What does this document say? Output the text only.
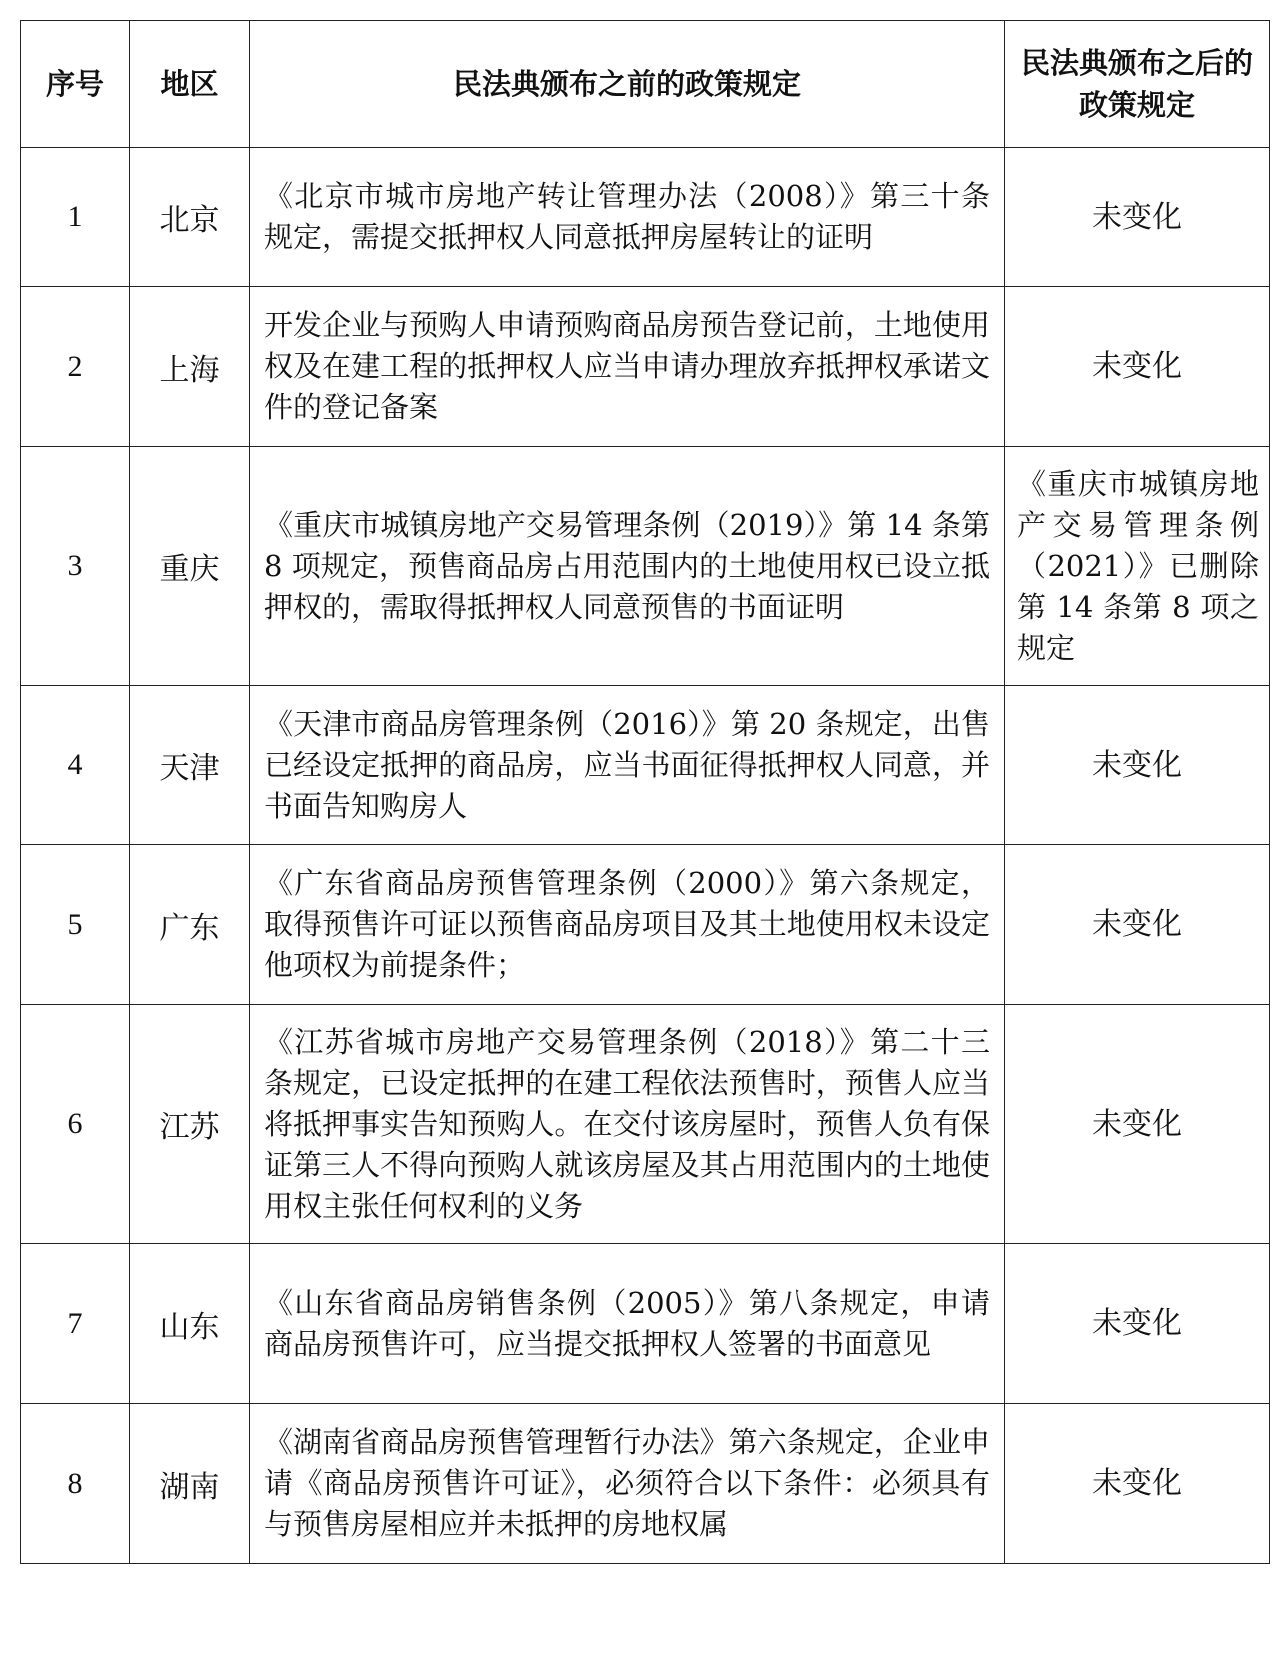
序号	地区	民法典颁布之前的政策规定	民法典颁布之后的政策规定
1	北京	《北京市城市房地产转让管理办法（2008）》第三十条规定，需提交抵押权人同意抵押房屋转让的证明	未变化
2	上海	开发企业与预购人申请预购商品房预告登记前，土地使用权及在建工程的抵押权人应当申请办理放弃抵押权承诺文件的登记备案	未变化
3	重庆	《重庆市城镇房地产交易管理条例（2019）》第 14 条第 8 项规定，预售商品房占用范围内的土地使用权已设立抵押权的，需取得抵押权人同意预售的书面证明	《重庆市城镇房地产交易管理条例（2021）》已删除第 14 条第 8 项之规定
4	天津	《天津市商品房管理条例（2016）》第 20 条规定，出售已经设定抵押的商品房，应当书面征得抵押权人同意，并书面告知购房人	未变化
5	广东	《广东省商品房预售管理条例（2000）》第六条规定，取得预售许可证以预售商品房项目及其土地使用权未设定他项权为前提条件；	未变化
6	江苏	《江苏省城市房地产交易管理条例（2018）》第二十三条规定，已设定抵押的在建工程依法预售时，预售人应当将抵押事实告知预购人。在交付该房屋时，预售人负有保证第三人不得向预购人就该房屋及其占用范围内的土地使用权主张任何权利的义务	未变化
7	山东	《山东省商品房销售条例（2005）》第八条规定，申请商品房预售许可，应当提交抵押权人签署的书面意见	未变化
8	湖南	《湖南省商品房预售管理暂行办法》第六条规定，企业申请《商品房预售许可证》，必须符合以下条件：必须具有与预售房屋相应并未抵押的房地权属	未变化
